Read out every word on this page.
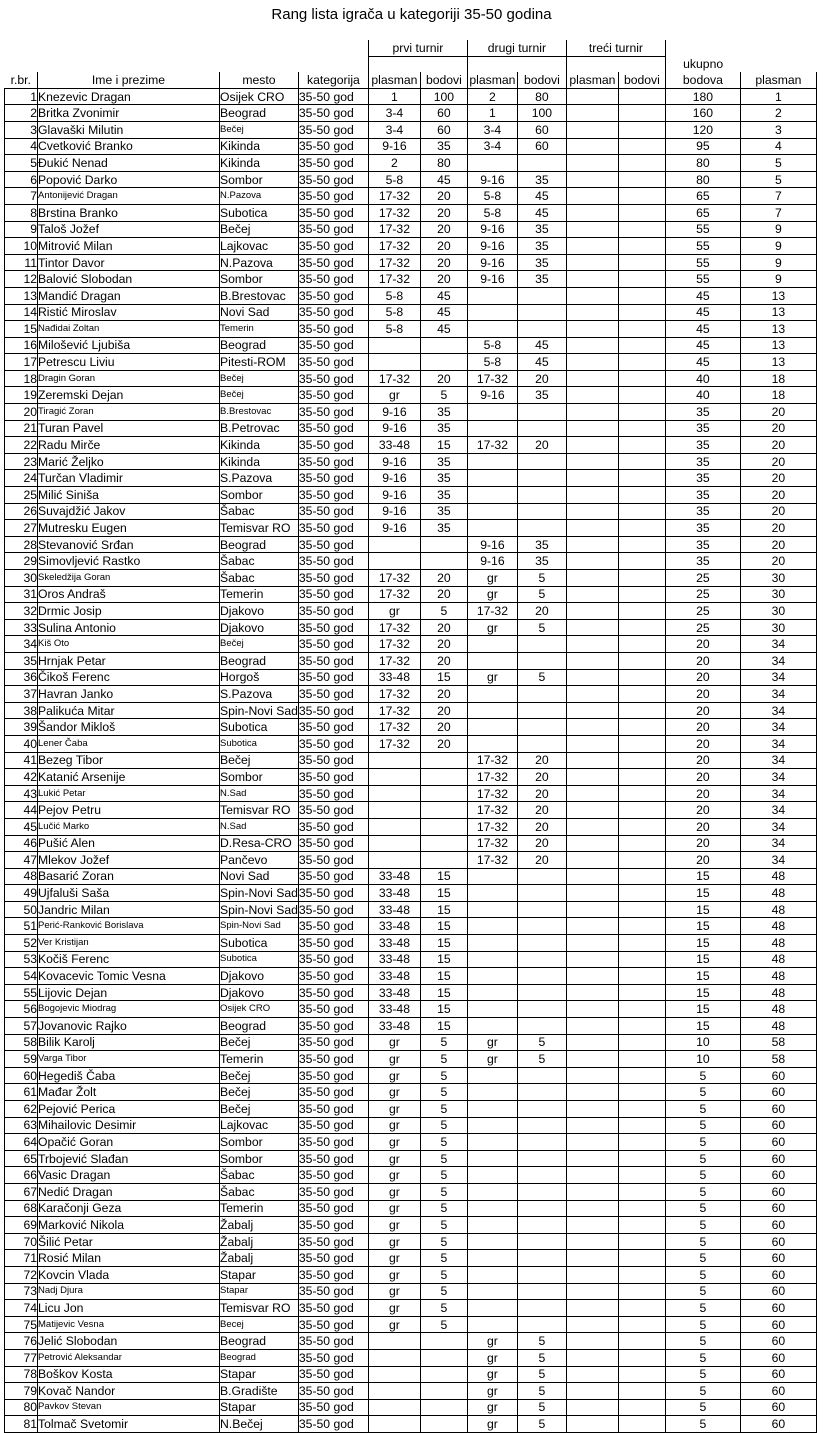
Rang lista igrača u kategoriji 35-50 godina
				prvi turnir		drugi turnir		treći turnir			
										ukupno	
r.br.	Ime i prezime	mesto	kategorija	plasman	bodovi	plasman	bodovi	plasman	bodovi	bodova	plasman
1	Knezevic Dragan	Osijek CRO	35-50 god	1	100	2	80			180	1
2	Britka Zvonimir	Beograd	35-50 god	3-4	60	1	100			160	2
3	Glavaški Milutin	Bečej	35-50 god	3-4	60	3-4	60			120	3
4	Cvetković Branko	Kikinda	35-50 god	9-16	35	3-4	60			95	4
5	Đukić Nenad	Kikinda	35-50 god	2	80					80	5
6	Popović Darko	Sombor	35-50 god	5-8	45	9-16	35			80	5
7	Antonijević Dragan	N.Pazova	35-50 god	17-32	20	5-8	45			65	7
8	Brstina Branko	Subotica	35-50 god	17-32	20	5-8	45			65	7
9	Taloš Jožef	Bečej	35-50 god	17-32	20	9-16	35			55	9
10	Mitrović Milan	Lajkovac	35-50 god	17-32	20	9-16	35			55	9
11	Tintor Davor	N.Pazova	35-50 god	17-32	20	9-16	35			55	9
12	Balović Slobodan	Sombor	35-50 god	17-32	20	9-16	35			55	9
13	Mandić Dragan	B.Brestovac	35-50 god	5-8	45					45	13
14	Ristić Miroslav	Novi Sad	35-50 god	5-8	45					45	13
15	Nađidai Zoltan	Temerin	35-50 god	5-8	45					45	13
16	Milošević Ljubiša	Beograd	35-50 god			5-8	45			45	13
17	Petrescu Liviu	Pitesti-ROM	35-50 god			5-8	45			45	13
18	Dragin Goran	Bečej	35-50 god	17-32	20	17-32	20			40	18
19	Zeremski Dejan	Bečej	35-50 god	gr	5	9-16	35			40	18
20	Tiragić Zoran	B.Brestovac	35-50 god	9-16	35					35	20
21	Turan Pavel	B.Petrovac	35-50 god	9-16	35					35	20
22	Radu Mirče	Kikinda	35-50 god	33-48	15	17-32	20			35	20
23	Marić Željko	Kikinda	35-50 god	9-16	35					35	20
24	Turčan Vladimir	S.Pazova	35-50 god	9-16	35					35	20
25	Milić Siniša	Sombor	35-50 god	9-16	35					35	20
26	Suvajdžić Jakov	Šabac	35-50 god	9-16	35					35	20
27	Mutresku Eugen	Temisvar RO	35-50 god	9-16	35					35	20
28	Stevanović Srđan	Beograd	35-50 god			9-16	35			35	20
29	Simovljević Rastko	Šabac	35-50 god			9-16	35			35	20
30	Skeledžija Goran	Šabac	35-50 god	17-32	20	gr	5			25	30
31	Oros Andraš	Temerin	35-50 god	17-32	20	gr	5			25	30
32	Drmic Josip	Djakovo	35-50 god	gr	5	17-32	20			25	30
33	Sulina Antonio	Djakovo	35-50 god	17-32	20	gr	5			25	30
34	Kiš Oto	Bečej	35-50 god	17-32	20					20	34
35	Hrnjak Petar	Beograd	35-50 god	17-32	20					20	34
36	Čikoš Ferenc	Horgoš	35-50 god	33-48	15	gr	5			20	34
37	Havran Janko	S.Pazova	35-50 god	17-32	20					20	34
38	Palikuća Mitar	Spin-Novi Sad	35-50 god	17-32	20					20	34
39	Šandor Mikloš	Subotica	35-50 god	17-32	20					20	34
40	Lener Čaba	Subotica	35-50 god	17-32	20					20	34
41	Bezeg Tibor	Bečej	35-50 god			17-32	20			20	34
42	Katanić Arsenije	Sombor	35-50 god			17-32	20			20	34
43	Lukić Petar	N.Sad	35-50 god			17-32	20			20	34
44	Pejov Petru	Temisvar RO	35-50 god			17-32	20			20	34
45	Lučić Marko	N.Sad	35-50 god			17-32	20			20	34
46	Pušić Alen	D.Resa-CRO	35-50 god			17-32	20			20	34
47	Mlekov Jožef	Pančevo	35-50 god			17-32	20			20	34
48	Basarić Zoran	Novi Sad	35-50 god	33-48	15					15	48
49	Ujfaluši Saša	Spin-Novi Sad	35-50 god	33-48	15					15	48
50	Jandric Milan	Spin-Novi Sad	35-50 god	33-48	15					15	48
51	Perić-Ranković Borislava	Spin-Novi Sad	35-50 god	33-48	15					15	48
52	Ver Kristijan	Subotica	35-50 god	33-48	15					15	48
53	Kočiš Ferenc	Subotica	35-50 god	33-48	15					15	48
54	Kovacevic Tomic Vesna	Djakovo	35-50 god	33-48	15					15	48
55	Lijovic Dejan	Djakovo	35-50 god	33-48	15					15	48
56	Bogojevic Miodrag	Osijek CRO	35-50 god	33-48	15					15	48
57	Jovanovic Rajko	Beograd	35-50 god	33-48	15					15	48
58	Bilik Karolj	Bečej	35-50 god	gr	5	gr	5			10	58
59	Varga Tibor	Temerin	35-50 god	gr	5	gr	5			10	58
60	Hegediš Čaba	Bečej	35-50 god	gr	5					5	60
61	Mađar Žolt	Bečej	35-50 god	gr	5					5	60
62	Pejović Perica	Bečej	35-50 god	gr	5					5	60
63	Mihailovic Desimir	Lajkovac	35-50 god	gr	5					5	60
64	Opačić Goran	Sombor	35-50 god	gr	5					5	60
65	Trbojević Slađan	Sombor	35-50 god	gr	5					5	60
66	Vasic Dragan	Šabac	35-50 god	gr	5					5	60
67	Nedić Dragan	Šabac	35-50 god	gr	5					5	60
68	Karačonji Geza	Temerin	35-50 god	gr	5					5	60
69	Marković Nikola	Žabalj	35-50 god	gr	5					5	60
70	Šilić Petar	Žabalj	35-50 god	gr	5					5	60
71	Rosić Milan	Žabalj	35-50 god	gr	5					5	60
72	Kovcin Vlada	Stapar	35-50 god	gr	5					5	60
73	Nadj Djura	Stapar	35-50 god	gr	5					5	60
74	Licu Jon	Temisvar RO	35-50 god	gr	5					5	60
75	Matijevic Vesna	Becej	35-50 god	gr	5					5	60
76	Jelić Slobodan	Beograd	35-50 god			gr	5			5	60
77	Petrović Aleksandar	Beograd	35-50 god			gr	5			5	60
78	Boškov Kosta	Stapar	35-50 god			gr	5			5	60
79	Kovač Nandor	B.Gradište	35-50 god			gr	5			5	60
80	Pavkov Stevan	Stapar	35-50 god			gr	5			5	60
81	Tolmač Svetomir	N.Bečej	35-50 god			gr	5			5	60
